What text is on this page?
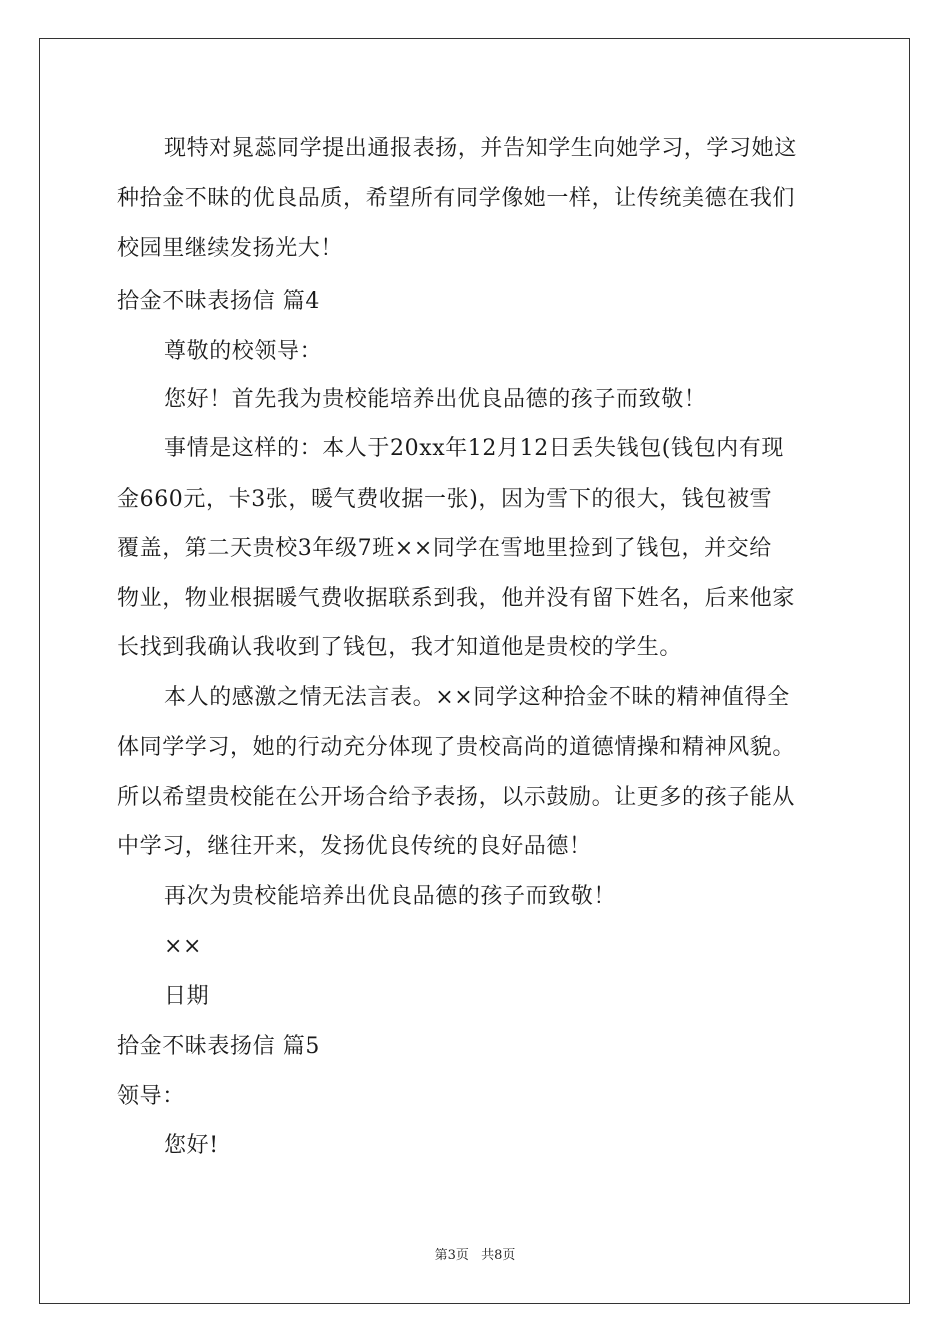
现特对晁蕊同学提出通报表扬，并告知学生向她学习，学习她这
种拾金不昧的优良品质，希望所有同学像她一样，让传统美德在我们
校园里继续发扬光大！
拾金不昧表扬信 篇4
尊敬的校领导：
您好！首先我为贵校能培养出优良品德的孩子而致敬！
事情是这样的：本人于20xx年12月12日丢失钱包(钱包内有现
金660元，卡3张，暖气费收据一张)，因为雪下的很大，钱包被雪
覆盖，第二天贵校3年级7班××同学在雪地里捡到了钱包，并交给
物业，物业根据暖气费收据联系到我，他并没有留下姓名，后来他家
长找到我确认我收到了钱包，我才知道他是贵校的学生。
本人的感激之情无法言表。××同学这种拾金不昧的精神值得全
体同学学习，她的行动充分体现了贵校高尚的道德情操和精神风貌。
所以希望贵校能在公开场合给予表扬，以示鼓励。让更多的孩子能从
中学习，继往开来，发扬优良传统的良好品德！
再次为贵校能培养出优良品德的孩子而致敬！
××
日期
拾金不昧表扬信 篇5
领导：
您好!
第3页 共8页
